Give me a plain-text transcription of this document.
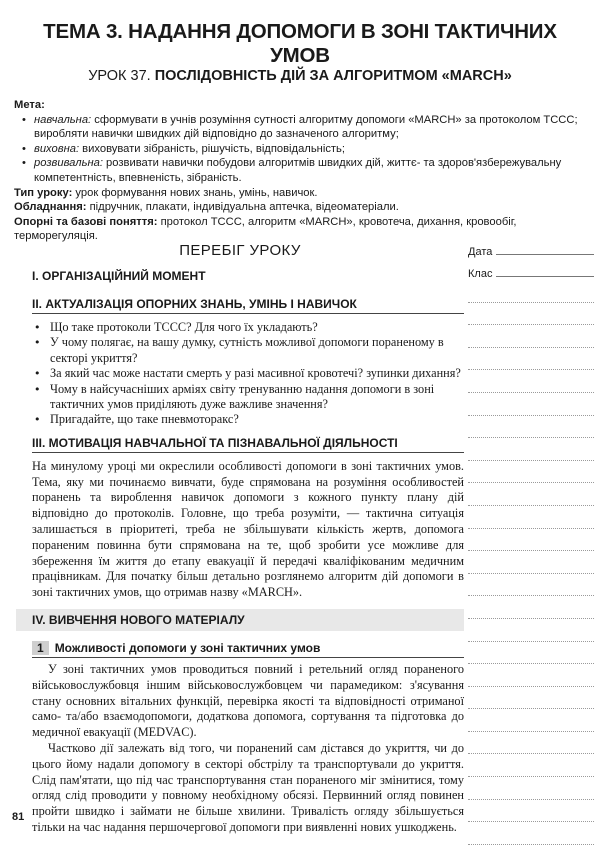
ТЕМА 3. НАДАННЯ ДОПОМОГИ В ЗОНІ ТАКТИЧНИХ УМОВ
УРОК 37. ПОСЛІДОВНІСТЬ ДІЙ ЗА АЛГОРИТМОМ «MARCH»
Мета:
• навчальна: сформувати в учнів розуміння сутності алгоритму допомоги «MARCH» за протоколом TCCC; виробляти навички швидких дій відповідно до зазначеного алгоритму;
• виховна: виховувати зібраність, рішучість, відповідальність;
• розвивальна: розвивати навички побудови алгоритмів швидких дій, життє- та здоров'язбережувальну компетентність, впевненість, зібраність.
Тип уроку: урок формування нових знань, умінь, навичок.
Обладнання: підручник, плакати, індивідуальна аптечка, відеоматеріали.
Опорні та базові поняття: протокол TCCC, алгоритм «MARCH», кровотеча, дихання, кровообіг, терморегуляція.
Дата
Клас
ПЕРЕБІГ УРОКУ
I. ОРГАНІЗАЦІЙНИЙ МОМЕНТ
II. АКТУАЛІЗАЦІЯ ОПОРНИХ ЗНАНЬ, УМІНЬ І НАВИЧОК
• Що таке протоколи TCCC? Для чого їх укладають?
• У чому полягає, на вашу думку, сутність можливої допомоги пораненому в секторі укриття?
• За який час може настати смерть у разі масивної кровотечі? зупинки дихання?
• Чому в найсучасніших арміях світу тренуванню надання допомоги в зоні тактичних умов приділяють дуже важливе значення?
• Пригадайте, що таке пневмоторакс?
III. МОТИВАЦІЯ НАВЧАЛЬНОЇ ТА ПІЗНАВАЛЬНОЇ ДІЯЛЬНОСТІ

На минулому уроці ми окреслили особливості допомоги в зоні тактичних умов. Тема, яку ми починаємо вивчати, буде спрямована на розуміння особливостей поранень та вироблення навичок допомоги з кожного пункту плану дій відповідно до протоколів. Головне, що треба розуміти, — тактична ситуація залишається в пріоритеті, треба не збільшувати кількість жертв, допомога пораненим повинна бути спрямована на те, щоб зробити усе можливе для збереження їм життя до етапу евакуації й передачі кваліфікованим медичним працівникам. Для початку більш детально розглянемо алгоритм дій допомоги в зоні тактичних умов, що отримав назву «MARCH».

IV. ВИВЧЕННЯ НОВОГО МАТЕРІАЛУ
1 Можливості допомоги у зоні тактичних умов

У зоні тактичних умов проводиться повний і ретельний огляд пораненого військовослужбовця іншим військовослужбовцем чи парамедиком: з'ясування стану основних вітальних функцій, перевірка якості та відповідності отриманої само- та/або взаємодопомоги, додаткова допомога, сортування та підготовка до медичної евакуації (MEDVAC).

Частково дії залежать від того, чи поранений сам дістався до укриття, чи до цього йому надали допомогу в секторі обстрілу та транспортували до укриття. Слід пам'ятати, що під час транспортування стан пораненого міг змінитися, тому огляд слід проводити у повному необхідному обсязі. Первинний огляд повинен пройти швидко і займати не більше хвилини. Тривалість огляду збільшується тільки на час надання першочергової допомоги при виявленні нових ушкоджень.

81
